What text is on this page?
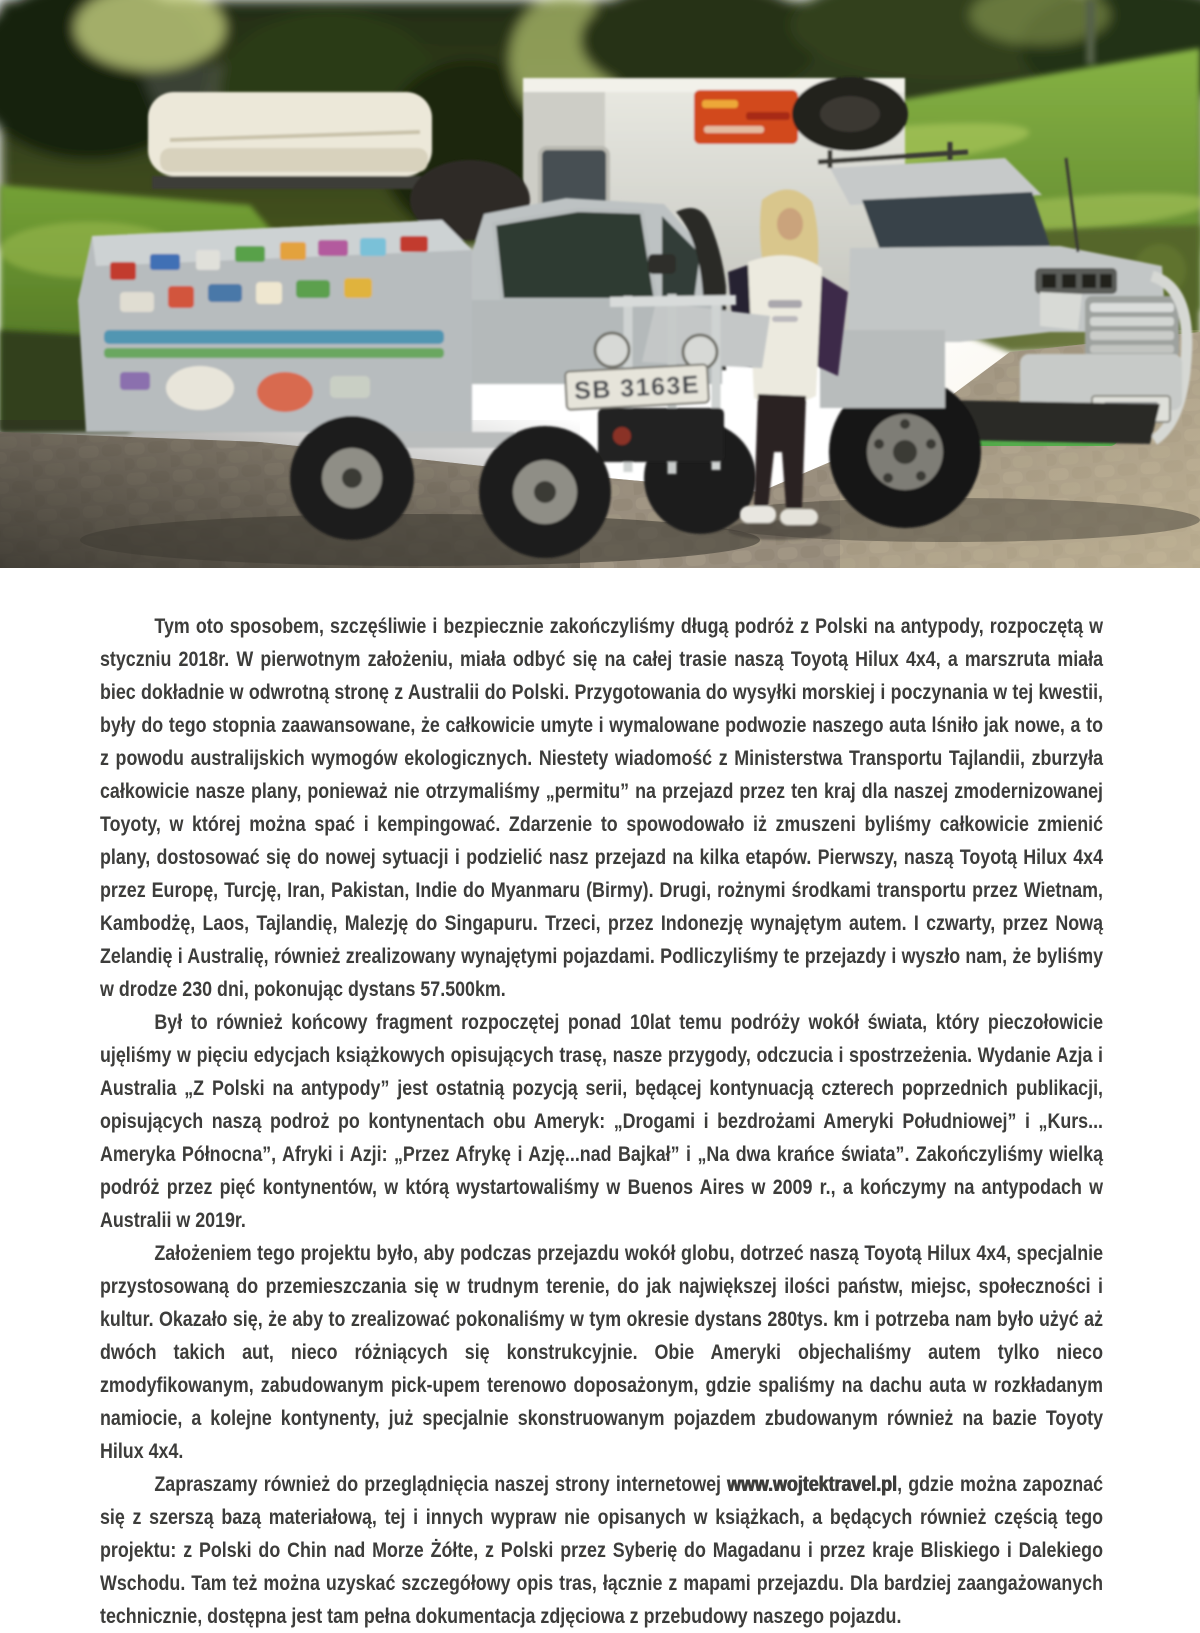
SB 3163E

Tym oto sposobem, szczęśliwie i bezpiecznie zakończyliśmy długą podróż z Polski na antypody, rozpoczętą w styczniu 2018r. W pierwotnym założeniu, miała odbyć się na całej trasie naszą Toyotą Hilux 4x4, a marszruta miała biec dokładnie w odwrotną stronę z Australii do Polski. Przygotowania do wysyłki morskiej i poczynania w tej kwestii, były do tego stopnia zaawansowane, że całkowicie umyte i wymalowane podwozie naszego auta lśniło jak nowe, a to z powodu australijskich wymogów ekologicznych. Niestety wiadomość z Ministerstwa Transportu Tajlandii, zburzyła całkowicie nasze plany, ponieważ nie otrzymaliśmy „permitu” na przejazd przez ten kraj dla naszej zmodernizowanej Toyoty, w której można spać i kempingować. Zdarzenie to spowodowało iż zmuszeni byliśmy całkowicie zmienić plany, dostosować się do nowej sytuacji i podzielić nasz przejazd na kilka etapów. Pierwszy, naszą Toyotą Hilux 4x4 przez Europę, Turcję, Iran, Pakistan, Indie do Myanmaru (Birmy). Drugi, rożnymi środkami transportu przez Wietnam, Kambodżę, Laos, Tajlandię, Malezję do Singapuru. Trzeci, przez Indonezję wynajętym autem. I czwarty, przez Nową Zelandię i Australię, również zrealizowany wynajętymi pojazdami. Podliczyliśmy te przejazdy i wyszło nam, że byliśmy w drodze 230 dni, pokonując dystans 57.500km.

Był to również końcowy fragment rozpoczętej ponad 10lat temu podróży wokół świata, który pieczołowicie ujęliśmy w pięciu edycjach książkowych opisujących trasę, nasze przygody, odczucia i spostrzeżenia. Wydanie Azja i Australia „Z Polski na antypody” jest ostatnią pozycją serii, będącej kontynuacją czterech poprzednich publikacji, opisujących naszą podroż po kontynentach obu Ameryk: „Drogami i bezdrożami Ameryki Południowej” i „Kurs... Ameryka Północna”, Afryki i Azji: „Przez Afrykę i Azję...nad Bajkał” i „Na dwa krańce świata”. Zakończyliśmy wielką podróż przez pięć kontynentów, w którą wystartowaliśmy w Buenos Aires w 2009 r., a kończymy na antypodach w Australii w 2019r.

Założeniem tego projektu było, aby podczas przejazdu wokół globu, dotrzeć naszą Toyotą Hilux 4x4, specjalnie przystosowaną do przemieszczania się w trudnym terenie, do jak największej ilości państw, miejsc, społeczności i kultur. Okazało się, że aby to zrealizować pokonaliśmy w tym okresie dystans 280tys. km i potrzeba nam było użyć aż dwóch takich aut, nieco różniących się konstrukcyjnie. Obie Ameryki objechaliśmy autem tylko nieco zmodyfikowanym, zabudowanym pick-upem terenowo doposażonym, gdzie spaliśmy na dachu auta w rozkładanym namiocie, a kolejne kontynenty, już specjalnie skonstruowanym pojazdem zbudowanym również na bazie Toyoty Hilux 4x4.

Zapraszamy również do przeglądnięcia naszej strony internetowej www.wojtektravel.pl, gdzie można zapoznać się z szerszą bazą materiałową, tej i innych wypraw nie opisanych w książkach, a będących również częścią tego projektu: z Polski do Chin nad Morze Żółte, z Polski przez Syberię do Magadanu i przez kraje Bliskiego i Dalekiego Wschodu. Tam też można uzyskać szczegółowy opis tras, łącznie z mapami przejazdu. Dla bardziej zaangażowanych technicznie, dostępna jest tam pełna dokumentacja zdjęciowa z przebudowy naszego pojazdu.
